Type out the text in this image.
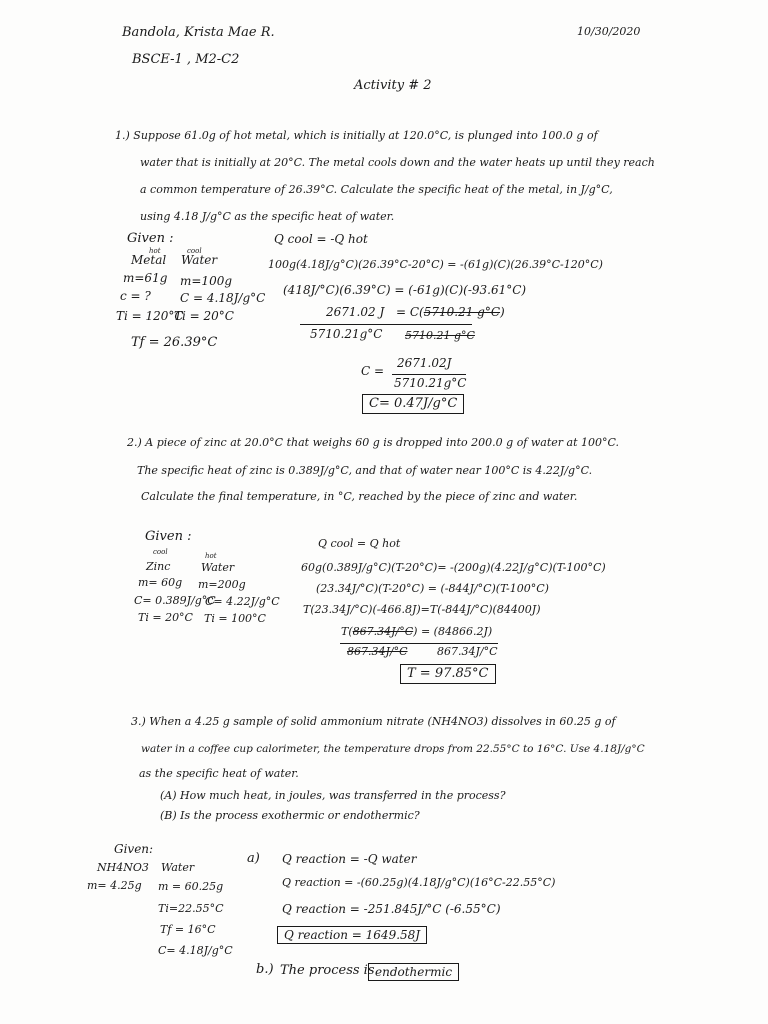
Bandola, Krista Mae R.	10/30/2020
BSCE-1 , M2-C2
Activity # 2
1.) Suppose 61.0g of hot metal, which is initially at 120.0°C, is plunged into 100.0 g of
water that is initially at 20°C. The metal cools down and the water heats up until they reach
a common temperature of 26.39°C. Calculate the specific heat of the metal, in J/g°C,
using 4.18 J/g°C as the specific heat of water.
Given :
hot	cool
Metal Water
m=61g m=100g
c = ? C = 4.18J/g°C
Ti = 120°C
Ti = 20°C
Tf = 26.39°C
Q cool = -Q hot
100g(4.18J/g°C)(26.39°C-20°C) = -(61g)(C)(26.39°C-120°C)
(418J/°C)(6.39°C) = (-61g)(C)(-93.61°C)
2671.02 J = C(5710.21 g°C)
5710.21g°C 5710.21 g°C
C =
2671.02J
5710.21g°C
C= 0.47J/g°C
2.) A piece of zinc at 20.0°C that weighs 60 g is dropped into 200.0 g of water at 100°C.
The specific heat of zinc is 0.389J/g°C, and that of water near 100°C is 4.22J/g°C.
Calculate the final temperature, in °C, reached by the piece of zinc and water.
Given :
cool	hot
Zinc	Water
m= 60g m=200g
C= 0.389J/g°C
C= 4.22J/g°C
Ti = 20°C Ti = 100°C
Q cool = Q hot
60g(0.389J/g°C)(T-20°C)= -(200g)(4.22J/g°C)(T-100°C)
(23.34J/°C)(T-20°C) = (-844J/°C)(T-100°C)
T(23.34J/°C)(-466.8J)=T(-844J/°C)(84400J)
T(867.34J/°C) = (84866.2J)
867.34J/°C	867.34J/°C
T = 97.85°C
3.) When a 4.25 g sample of solid ammonium nitrate (NH4NO3) dissolves in 60.25 g of
water in a coffee cup calorimeter, the temperature drops from 22.55°C to 16°C. Use 4.18J/g°C
as the specific heat of water.
(A) How much heat, in joules, was transferred in the process?
(B) Is the process exothermic or endothermic?
Given:
NH4NO3 Water
m= 4.25g m = 60.25g
Ti=22.55°C
Tf = 16°C
C= 4.18J/g°C
a) Q reaction = -Q water
Q reaction = -(60.25g)(4.18J/g°C)(16°C-22.55°C)
Q reaction = -251.845J/°C (-6.55°C)
Q reaction = 1649.58J
b.) The process is endothermic
